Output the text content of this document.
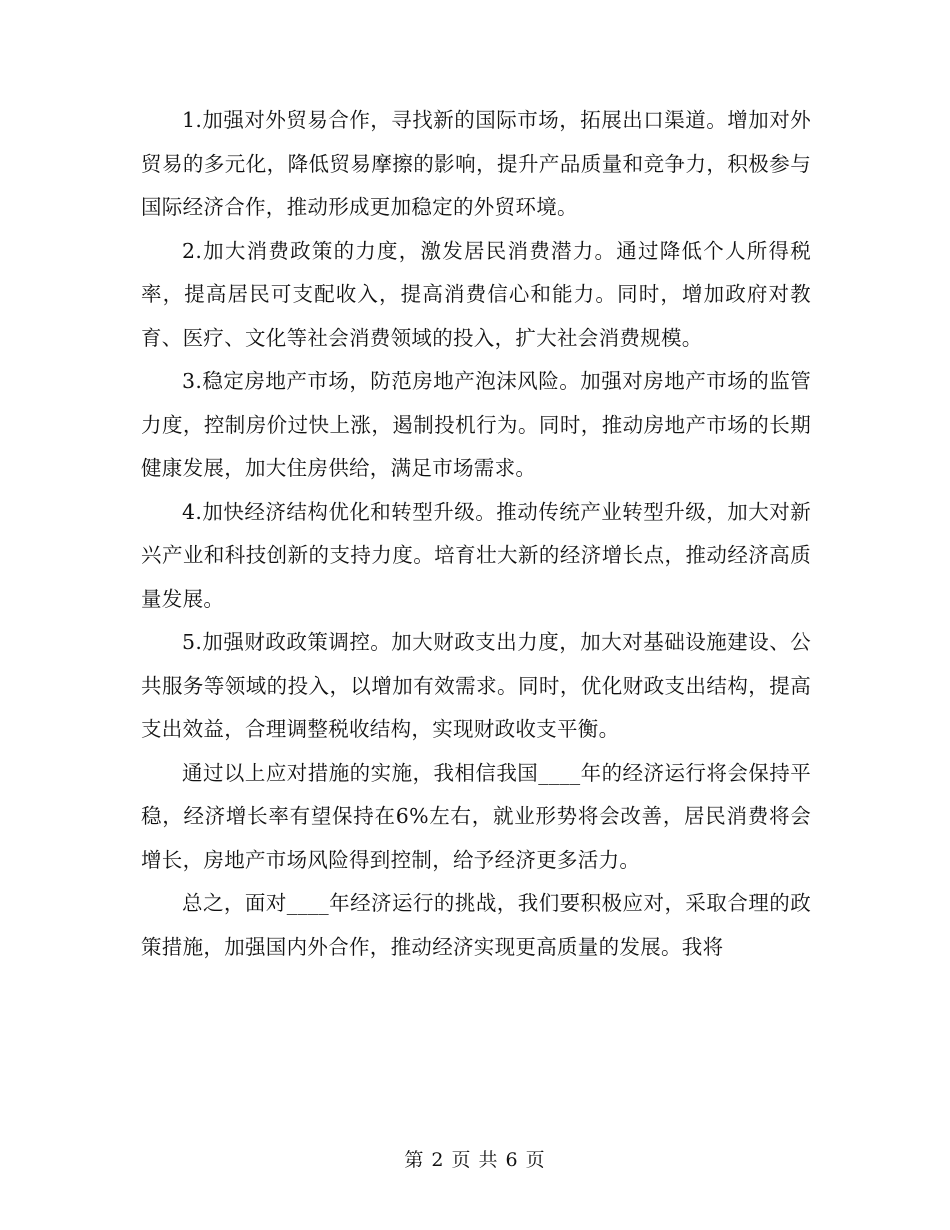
1.加强对外贸易合作，寻找新的国际市场，拓展出口渠道。增加对外贸易的多元化，降低贸易摩擦的影响，提升产品质量和竞争力，积极参与国际经济合作，推动形成更加稳定的外贸环境。

2.加大消费政策的力度，激发居民消费潜力。通过降低个人所得税率，提高居民可支配收入，提高消费信心和能力。同时，增加政府对教育、医疗、文化等社会消费领域的投入，扩大社会消费规模。

3.稳定房地产市场，防范房地产泡沫风险。加强对房地产市场的监管力度，控制房价过快上涨，遏制投机行为。同时，推动房地产市场的长期健康发展，加大住房供给，满足市场需求。

4.加快经济结构优化和转型升级。推动传统产业转型升级，加大对新兴产业和科技创新的支持力度。培育壮大新的经济增长点，推动经济高质量发展。

5.加强财政政策调控。加大财政支出力度，加大对基础设施建设、公共服务等领域的投入，以增加有效需求。同时，优化财政支出结构，提高支出效益，合理调整税收结构，实现财政收支平衡。

通过以上应对措施的实施，我相信我国____年的经济运行将会保持平稳，经济增长率有望保持在6%左右，就业形势将会改善，居民消费将会增长，房地产市场风险得到控制，给予经济更多活力。

总之，面对____年经济运行的挑战，我们要积极应对，采取合理的政策措施，加强国内外合作，推动经济实现更高质量的发展。我将

第 2 页 共 6 页
